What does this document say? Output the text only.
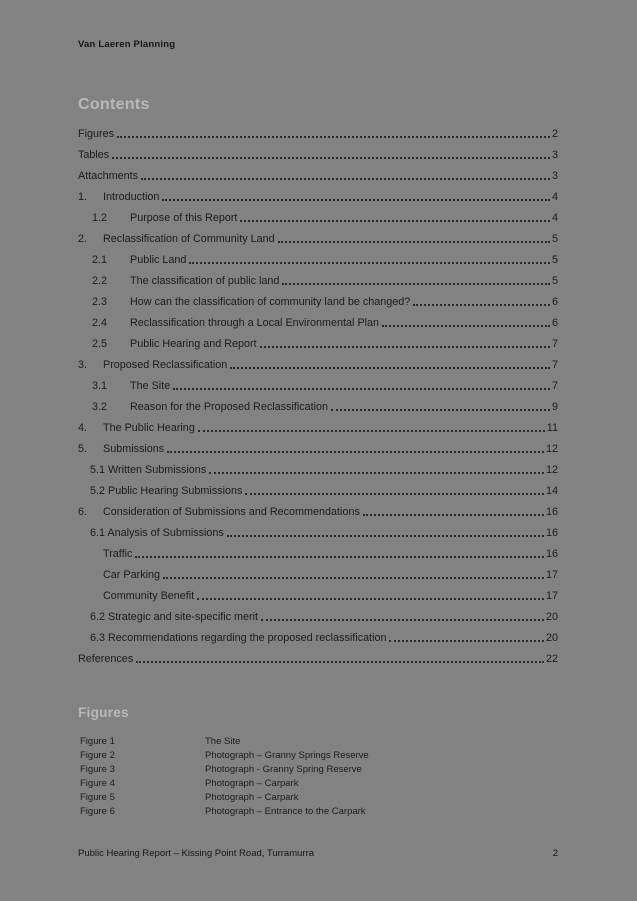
Van Laeren Planning
Contents
Figures	2
Tables	3
Attachments	3
1.	Introduction	4
1.2	Purpose of this Report	4
2.	Reclassification of Community Land	5
2.1	Public Land	5
2.2	The classification of public land	5
2.3	How can the classification of community land be changed?	6
2.4	Reclassification through a Local Environmental Plan	6
2.5	Public Hearing and Report	7
3.	Proposed Reclassification	7
3.1	The Site	7
3.2	Reason for the Proposed Reclassification	9
4.	The Public Hearing	11
5.	Submissions	12
5.1 Written Submissions	12
5.2 Public Hearing Submissions	14
6.	Consideration of Submissions and Recommendations	16
6.1 Analysis of Submissions	16
Traffic	16
Car Parking	17
Community Benefit	17
6.2 Strategic and site-specific merit	20
6.3 Recommendations regarding the proposed reclassification	20
References	22
Figures
Figure 1	The Site
Figure 2	Photograph – Granny Springs Reserve
Figure 3	Photograph - Granny Spring Reserve
Figure 4	Photograph – Carpark
Figure 5	Photograph – Carpark
Figure 6	Photograph – Entrance to the Carpark
Public Hearing Report – Kissing Point Road, Turramurra	2
